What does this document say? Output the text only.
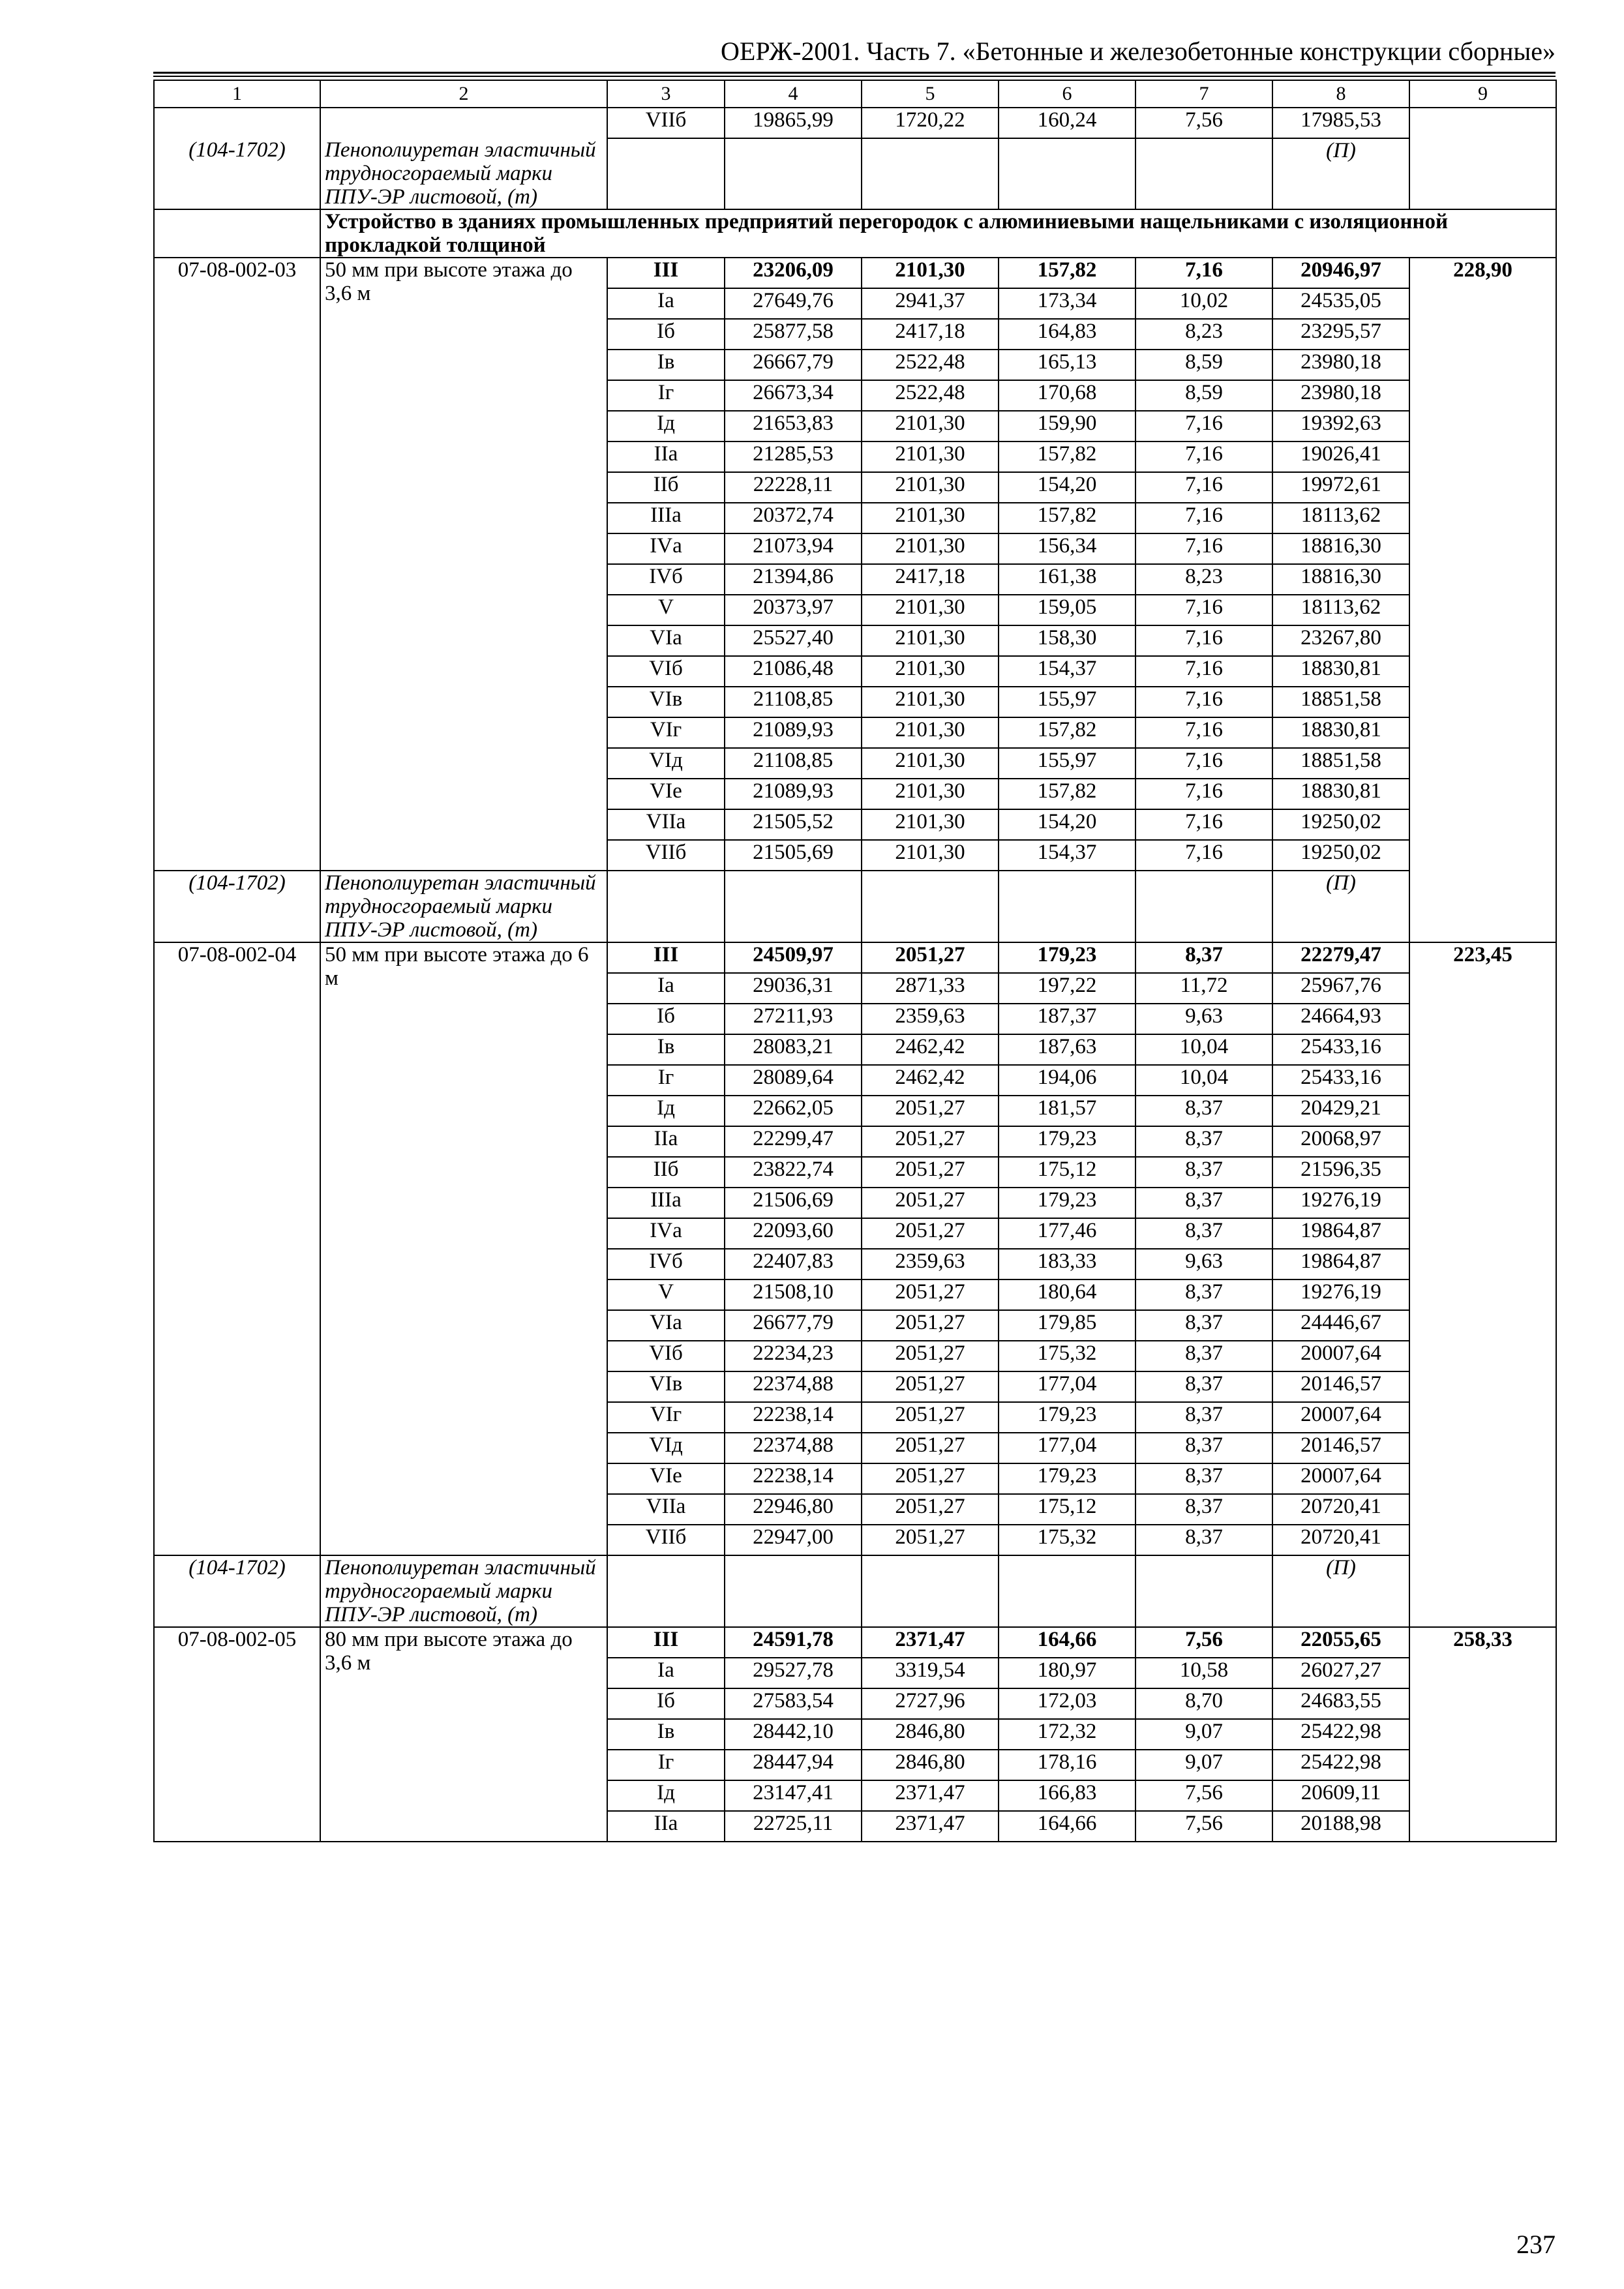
ОЕРЖ-2001. Часть 7. «Бетонные и железобетонные конструкции сборные»
1	2	3	4	5	6	7	8	9
		VIIб	19865,99	1720,22	160,24	7,56	17985,53	
(104-1702)	Пенополиуретан эластичный трудносгораемый марки ППУ-ЭР листовой, (т)						(П)	
	Устройство в зданиях промышленных предприятий перегородок с алюминиевыми нащельниками с изоляционной прокладкой толщиной							
07-08-002-03	50 мм при высоте этажа до 3,6 м	III	23206,09	2101,30	157,82	7,16	20946,97	228,90
		Iа	27649,76	2941,37	173,34	10,02	24535,05	
		Iб	25877,58	2417,18	164,83	8,23	23295,57	
		Iв	26667,79	2522,48	165,13	8,59	23980,18	
		Iг	26673,34	2522,48	170,68	8,59	23980,18	
		Iд	21653,83	2101,30	159,90	7,16	19392,63	
		IIа	21285,53	2101,30	157,82	7,16	19026,41	
		IIб	22228,11	2101,30	154,20	7,16	19972,61	
		IIIа	20372,74	2101,30	157,82	7,16	18113,62	
		IVа	21073,94	2101,30	156,34	7,16	18816,30	
		IVб	21394,86	2417,18	161,38	8,23	18816,30	
		V	20373,97	2101,30	159,05	7,16	18113,62	
		VIа	25527,40	2101,30	158,30	7,16	23267,80	
		VIб	21086,48	2101,30	154,37	7,16	18830,81	
		VIв	21108,85	2101,30	155,97	7,16	18851,58	
		VIг	21089,93	2101,30	157,82	7,16	18830,81	
		VIд	21108,85	2101,30	155,97	7,16	18851,58	
		VIе	21089,93	2101,30	157,82	7,16	18830,81	
		VIIа	21505,52	2101,30	154,20	7,16	19250,02	
		VIIб	21505,69	2101,30	154,37	7,16	19250,02	
(104-1702)	Пенополиуретан эластичный трудносгораемый марки ППУ-ЭР листовой, (т)						(П)	
07-08-002-04	50 мм при высоте этажа до 6 м	III	24509,97	2051,27	179,23	8,37	22279,47	223,45
		Iа	29036,31	2871,33	197,22	11,72	25967,76	
		Iб	27211,93	2359,63	187,37	9,63	24664,93	
		Iв	28083,21	2462,42	187,63	10,04	25433,16	
		Iг	28089,64	2462,42	194,06	10,04	25433,16	
		Iд	22662,05	2051,27	181,57	8,37	20429,21	
		IIа	22299,47	2051,27	179,23	8,37	20068,97	
		IIб	23822,74	2051,27	175,12	8,37	21596,35	
		IIIа	21506,69	2051,27	179,23	8,37	19276,19	
		IVа	22093,60	2051,27	177,46	8,37	19864,87	
		IVб	22407,83	2359,63	183,33	9,63	19864,87	
		V	21508,10	2051,27	180,64	8,37	19276,19	
		VIа	26677,79	2051,27	179,85	8,37	24446,67	
		VIб	22234,23	2051,27	175,32	8,37	20007,64	
		VIв	22374,88	2051,27	177,04	8,37	20146,57	
		VIг	22238,14	2051,27	179,23	8,37	20007,64	
		VIд	22374,88	2051,27	177,04	8,37	20146,57	
		VIе	22238,14	2051,27	179,23	8,37	20007,64	
		VIIа	22946,80	2051,27	175,12	8,37	20720,41	
		VIIб	22947,00	2051,27	175,32	8,37	20720,41	
(104-1702)	Пенополиуретан эластичный трудносгораемый марки ППУ-ЭР листовой, (т)						(П)	
07-08-002-05	80 мм при высоте этажа до 3,6 м	III	24591,78	2371,47	164,66	7,56	22055,65	258,33
		Iа	29527,78	3319,54	180,97	10,58	26027,27	
		Iб	27583,54	2727,96	172,03	8,70	24683,55	
		Iв	28442,10	2846,80	172,32	9,07	25422,98	
		Iг	28447,94	2846,80	178,16	9,07	25422,98	
		Iд	23147,41	2371,47	166,83	7,56	20609,11	
		IIа	22725,11	2371,47	164,66	7,56	20188,98	
237
